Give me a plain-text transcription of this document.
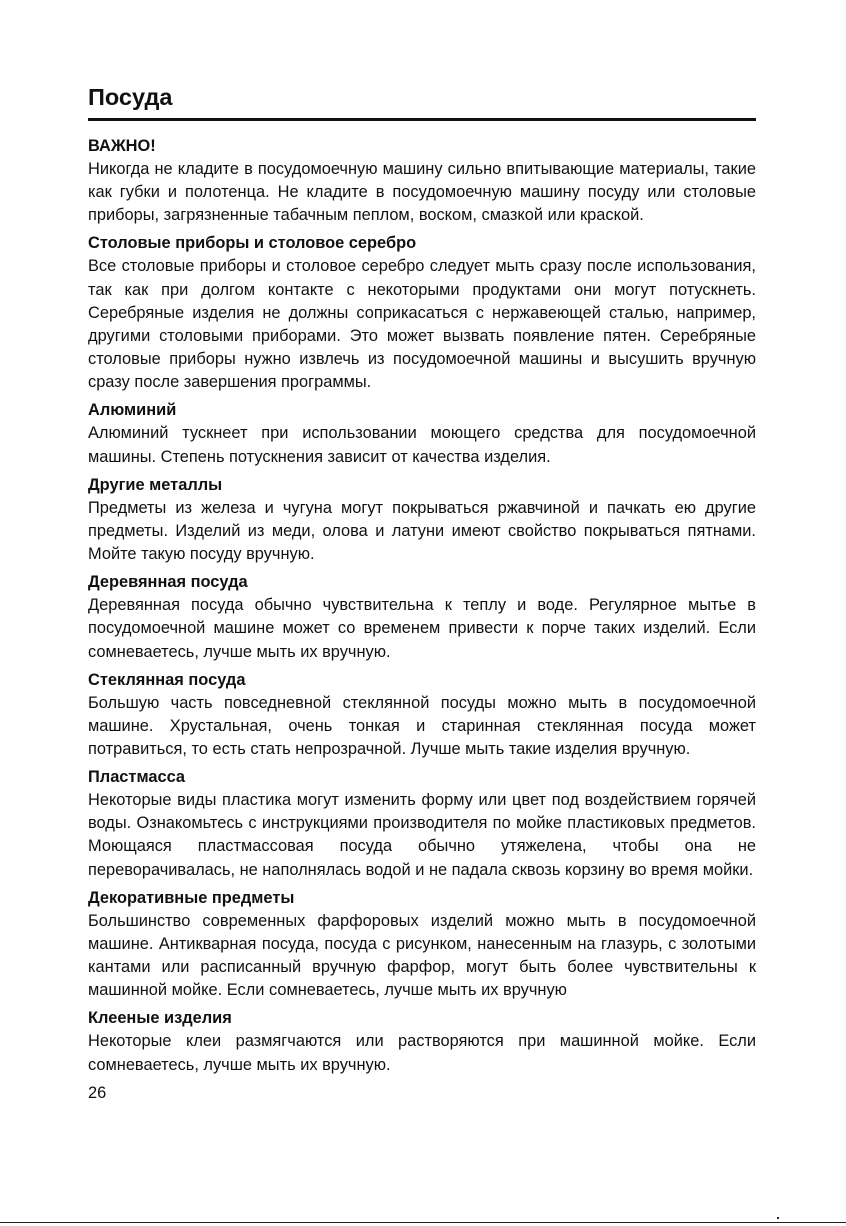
Посуда
ВАЖНО!

Никогда не кладите в посудомоечную машину сильно впитывающие материалы, такие как губки и полотенца. Не кладите в посудомоечную машину посуду или столовые приборы, загрязненные табачным пеплом, воском, смазкой или краской.

Столовые приборы и столовое серебро

Все столовые приборы и столовое серебро следует мыть сразу после использования, так как при долгом контакте с некоторыми продуктами они могут потускнеть. Серебряные изделия не должны соприкасаться с нержавеющей сталью, например, другими столовыми приборами. Это может вызвать появление пятен. Серебряные столовые приборы нужно извлечь из посудомоечной машины и высушить вручную сразу после завершения программы.

Алюминий

Алюминий тускнеет при использовании моющего средства для посудомоечной машины. Степень потускнения зависит от качества изделия.

Другие металлы

Предметы из железа и чугуна могут покрываться ржавчиной и пачкать ею другие предметы. Изделий из меди, олова и латуни имеют свойство покрываться пятнами. Мойте такую посуду вручную.

Деревянная посуда

Деревянная посуда обычно чувствительна к теплу и воде. Регулярное мытье в посудомоечной машине может со временем привести к порче таких изделий. Если сомневаетесь, лучше мыть их вручную.

Стеклянная посуда

Большую часть повседневной стеклянной посуды можно мыть в посудомоечной машине. Хрустальная, очень тонкая и старинная стеклянная посуда может потравиться, то есть стать непрозрачной. Лучше мыть такие изделия вручную.

Пластмасса

Некоторые виды пластика могут изменить форму или цвет под воздействием горячей воды. Ознакомьтесь с инструкциями производителя по мойке пластиковых предметов. Моющаяся пластмассовая посуда обычно утяжелена, чтобы она не переворачивалась, не наполнялась водой и не падала сквозь корзину во время мойки.

Декоративные предметы

Большинство современных фарфоровых изделий можно мыть в посудомоечной машине. Антикварная посуда, посуда с рисунком, нанесенным на глазурь, с золотыми кантами или расписанный вручную фарфор, могут быть более чувствительны к машинной мойке. Если сомневаетесь, лучше мыть их вручную

Клееные изделия

Некоторые клеи размягчаются или растворяются при машинной мойке. Если сомневаетесь, лучше мыть их вручную.

26
